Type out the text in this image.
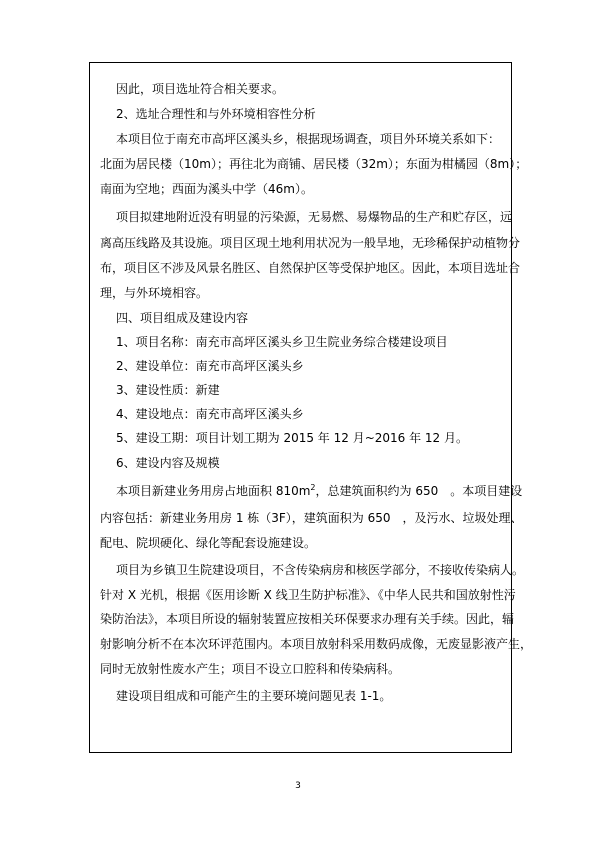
因此，项目选址符合相关要求。
2、选址合理性和与外环境相容性分析
本项目位于南充市高坪区溪头乡，根据现场调查，项目外环境关系如下：
北面为居民楼（10m）；再往北为商铺、居民楼（32m）；东面为柑橘园（8m）；
南面为空地；西面为溪头中学（46m）。
项目拟建地附近没有明显的污染源，无易燃、易爆物品的生产和贮存区，远
离高压线路及其设施。项目区现土地利用状况为一般旱地，无珍稀保护动植物分
布，项目区不涉及风景名胜区、自然保护区等受保护地区。因此，本项目选址合
理，与外环境相容。
四、项目组成及建设内容
1、项目名称：南充市高坪区溪头乡卫生院业务综合楼建设项目
2、建设单位：南充市高坪区溪头乡
3、建设性质：新建
4、建设地点：南充市高坪区溪头乡
5、建设工期：项目计划工期为 2015 年 12 月~2016 年 12 月。
6、建设内容及规模
本项目新建业务用房占地面积 $810m^2$，总建筑面积约为 650　。本项目建设
内容包括：新建业务用房 1 栋（3F），建筑面积为 650　，及污水、垃圾处理、
配电、院坝硬化、绿化等配套设施建设。
项目为乡镇卫生院建设项目，不含传染病房和核医学部分，不接收传染病人。
针对 X 光机，根据《医用诊断 X 线卫生防护标准》、《中华人民共和国放射性污
染防治法》，本项目所设的辐射装置应按相关环保要求办理有关手续。因此，辐
射影响分析不在本次环评范围内。本项目放射科采用数码成像，无废显影液产生，
同时无放射性废水产生；项目不设立口腔科和传染病科。
建设项目组成和可能产生的主要环境问题见表 1-1。
3
